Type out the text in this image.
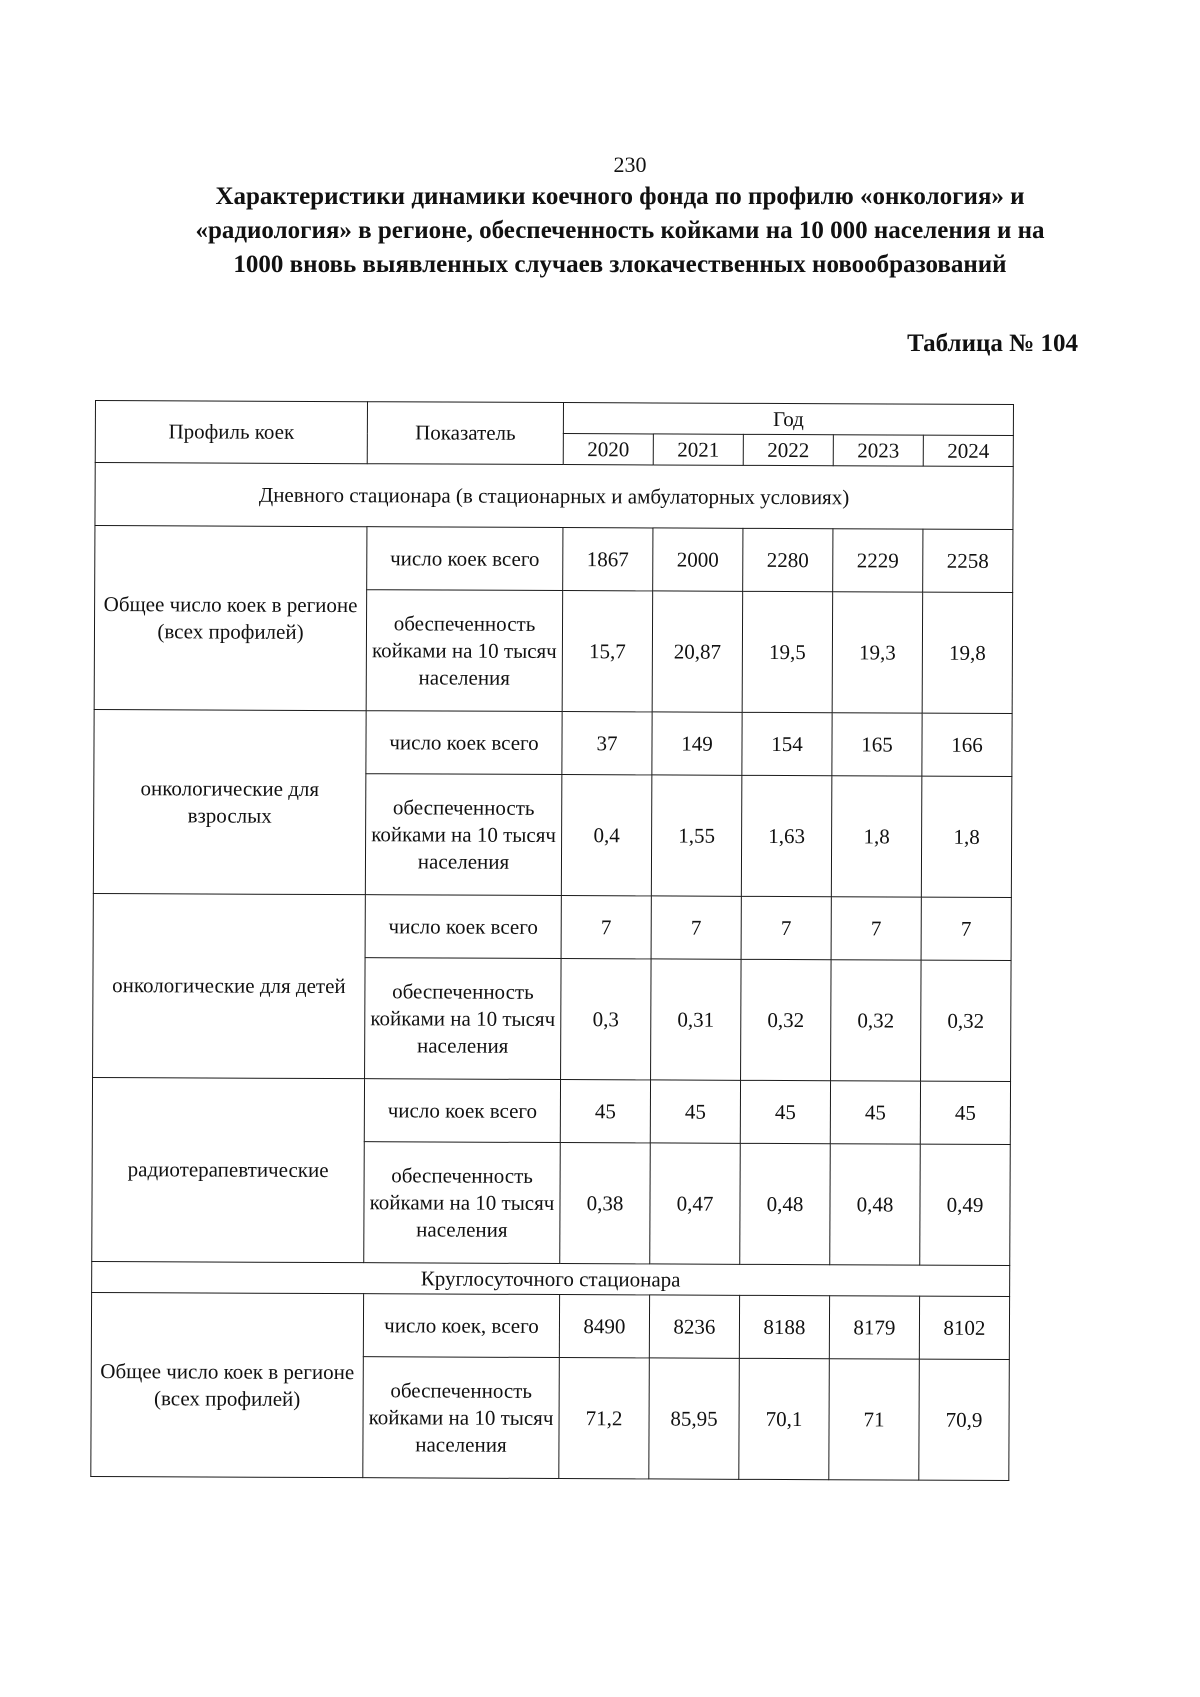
230
Характеристики динамики коечного фонда по профилю «онкология» и
«радиология» в регионе, обеспеченность койками на 10 000 населения и на
1000 вновь выявленных случаев злокачественных новообразований
Таблица № 104
Профиль коек	Показатель	Год				
		2020	2021	2022	2023	2024
Дневного стационара (в стационарных и амбулаторных условиях)						
Общее число коек в регионе (всех профилей)	число коек всего	1867	2000	2280	2229	2258
	обеспеченность койками на 10 тысяч населения	15,7	20,87	19,5	19,3	19,8
онкологические для взрослых	число коек всего	37	149	154	165	166
	обеспеченность койками на 10 тысяч населения	0,4	1,55	1,63	1,8	1,8
онкологические для детей	число коек всего	7	7	7	7	7
	обеспеченность койками на 10 тысяч населения	0,3	0,31	0,32	0,32	0,32
радиотерапевтические	число коек всего	45	45	45	45	45
	обеспеченность койками на 10 тысяч населения	0,38	0,47	0,48	0,48	0,49
Круглосуточного стационара						
Общее число коек в регионе (всех профилей)	число коек, всего	8490	8236	8188	8179	8102
	обеспеченность койками на 10 тысяч населения	71,2	85,95	70,1	71	70,9
